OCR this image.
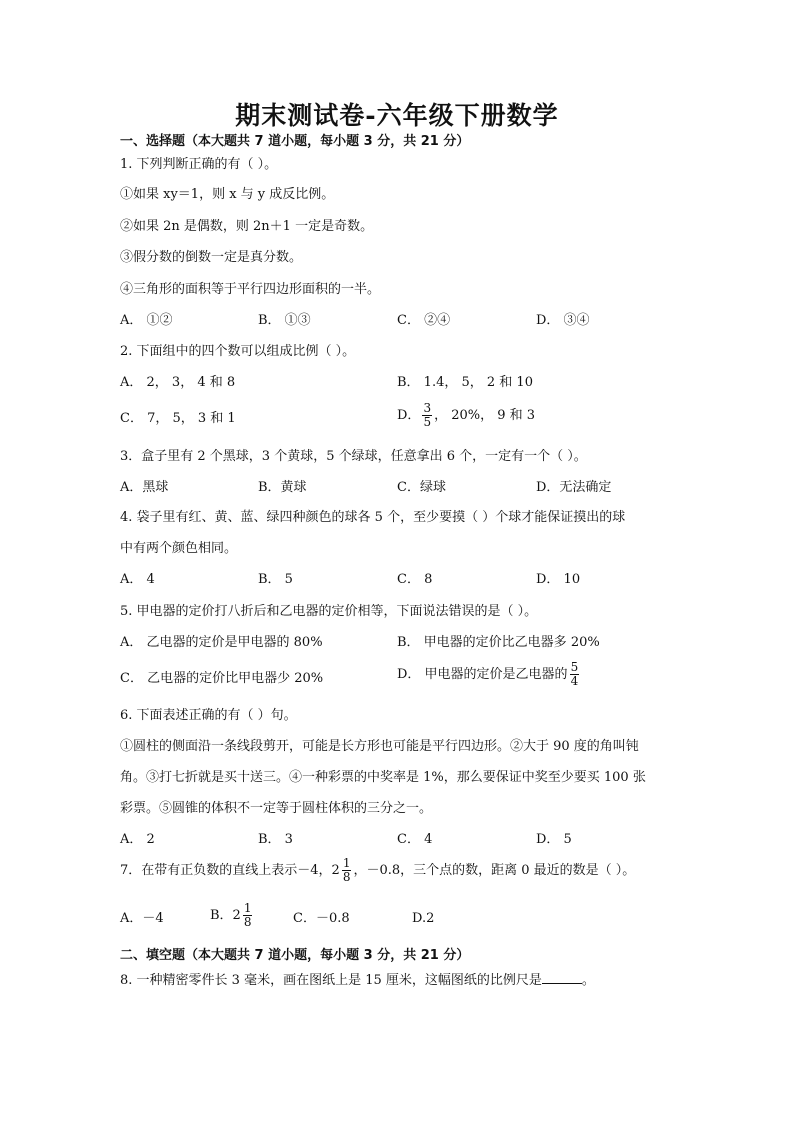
期末测试卷-六年级下册数学
一、选择题（本大题共 7 道小题，每小题 3 分，共 21 分）
1. 下列判断正确的有（ ）。
①如果 xy＝1，则 x 与 y 成反比例。
②如果 2n 是偶数，则 2n＋1 一定是奇数。
③假分数的倒数一定是真分数。
④三角形的面积等于平行四边形面积的一半。
A． ①②	B． ①③	C． ②④	D． ③④
2. 下面组中的四个数可以组成比例（ ）。
A． 2， 3， 4 和 8	B． 1.4， 5， 2 和 10
C． 7， 5， 3 和 1	D． $\frac{3}{5}$ ， 20%， 9 和 3
3．盒子里有 2 个黑球，3 个黄球，5 个绿球，任意拿出 6 个，一定有一个（ ）。
A．黑球	B．黄球	C．绿球	D．无法确定
4. 袋子里有红、黄、蓝、绿四种颜色的球各 5 个，至少要摸（ ）个球才能保证摸出的球
中有两个颜色相同。
A． 4	B． 5	C． 8	D． 10
5. 甲电器的定价打八折后和乙电器的定价相等，下面说法错误的是（ ）。
A． 乙电器的定价是甲电器的 80%	B． 甲电器的定价比乙电器多 20%
C． 乙电器的定价比甲电器少 20%	D． 甲电器的定价是乙电器的 $\frac{5}{4}$
6. 下面表述正确的有（ ）句。
①圆柱的侧面沿一条线段剪开，可能是长方形也可能是平行四边形。②大于 90 度的角叫钝
角。③打七折就是买十送三。④一种彩票的中奖率是 1%，那么要保证中奖至少要买 100 张
彩票。⑤圆锥的体积不一定等于圆柱体积的三分之一。
A． 2	B． 3	C． 4	D． 5
7．在带有正负数的直线上表示－4，$2 \frac{1}{8}$ ，－0.8，三个点的数，距离 0 最近的数是（ ）。
A．－4	B．$2 \frac{1}{8}$	C．－0.8	D.2
二、填空题（本大题共 7 道小题，每小题 3 分，共 21 分）
8. 一种精密零件长 3 毫米，画在图纸上是 15 厘米，这幅图纸的比例尺是	。
